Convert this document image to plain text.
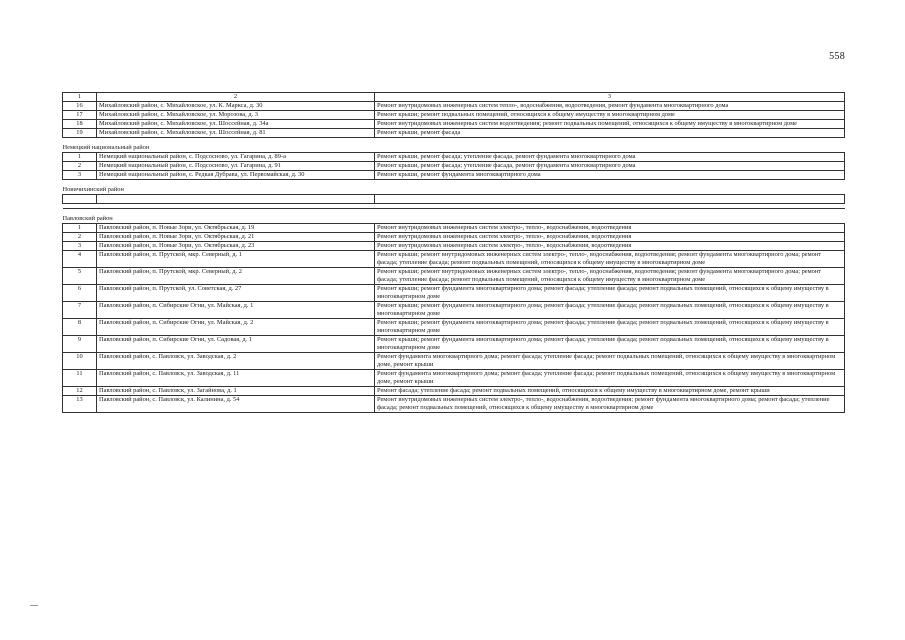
558
1	2	3
16	Михайловский район, с. Михайловское, ул. К. Маркса, д. 30	Ремонт внутридомовых инженерных систем тепло-, водоснабжения, водоотведения, ремонт фундамента многоквартирного дома
17	Михайловский район, с. Михайловское, ул. Морозова, д. 3	Ремонт крыши; ремонт подвальных помещений, относящихся к общему имуществу в многоквартирном доме
18	Михайловский район, с. Михайловское, ул. Шоссейная, д. 34а	Ремонт внутридомовых инженерных систем водоотведения; ремонт подвальных помещений, относящихся к общему имуществу в многоквартирном доме
19	Михайловский район, с. Михайловское, ул. Шоссейная, д. 81	Ремонт крыши, ремонт фасада
Немецкий национальный район		
1	Немецкий национальный район, с. Подсосново, ул. Гагарина, д. 89-а	Ремонт крыши, ремонт фасада; утепление фасада, ремонт фундамента многоквартирного дома
2	Немецкий национальный район, с. Подсосново, ул. Гагарина, д. 91	Ремонт крыши, ремонт фасада; утепление фасада, ремонт фундамента многоквартирного дома
3	Немецкий национальный район, с. Редкая Дубрава, ул. Первомайская, д. 30	Ремонт крыши, ремонт фундамента многоквартирного дома
Новичихинский район		

Павловский район		
1	Павловский район, п. Новые Зори, ул. Октябрьская, д. 19	Ремонт внутридомовых инженерных систем электро-, тепло-, водоснабжения, водоотведения
2	Павловский район, п. Новые Зори, ул. Октябрьская, д. 21	Ремонт внутридомовых инженерных систем электро-, тепло-, водоснабжения, водоотведения
3	Павловский район, п. Новые Зори, ул. Октябрьская, д. 23	Ремонт внутридомовых инженерных систем электро-, тепло-, водоснабжения, водоотведения
4	Павловский район, п. Прутской, мкр. Северный, д. 1	Ремонт крыши; ремонт внутридомовых инженерных систем электро-, тепло-, водоснабжения, водоотведения; ремонт фундамента многоквартирного дома; ремонт фасада; утепление фасада; ремонт подвальных помещений, относящихся к общему имуществу в многоквартирном доме
5	Павловский район, п. Прутской, мкр. Северный, д. 2	Ремонт крыши; ремонт внутридомовых инженерных систем электро-, тепло-, водоснабжения, водоотведения; ремонт фундамента многоквартирного дома; ремонт фасада; утепление фасада; ремонт подвальных помещений, относящихся к общему имуществу в многоквартирном доме
6	Павловский район, п. Прутской, ул. Советская, д. 27	Ремонт крыши; ремонт фундамента многоквартирного дома; ремонт фасада; утепление фасада; ремонт подвальных помещений, относящихся к общему имуществу в многоквартирном доме
7	Павловский район, п. Сибирские Огни, ул. Майская, д. 1	Ремонт крыши; ремонт фундамента многоквартирного дома; ремонт фасада; утепление фасада; ремонт подвальных помещений, относящихся к общему имуществу в многоквартирном доме
8	Павловский район, п. Сибирские Огни, ул. Майская, д. 2	Ремонт крыши; ремонт фундамента многоквартирного дома; ремонт фасада; утепление фасада; ремонт подвальных помещений, относящихся к общему имуществу в многоквартирном доме
9	Павловский район, п. Сибирские Огни, ул. Садовая, д. 1	Ремонт крыши; ремонт фундамента многоквартирного дома; ремонт фасада; утепление фасада; ремонт подвальных помещений, относящихся к общему имуществу в многоквартирном доме
10	Павловский район, с. Павловск, ул. Заводская, д. 2	Ремонт фундамента многоквартирного дома; ремонт фасада; утепление фасада; ремонт подвальных помещений, относящихся к общему имуществу в многоквартирном доме, ремонт крыши
11	Павловский район, с. Павловск, ул. Заводская, д. 11	Ремонт фундамента многоквартирного дома; ремонт фасада; утепление фасада; ремонт подвальных помещений, относящихся к общему имуществу в многоквартирном доме, ремонт крыши
12	Павловский район, с. Павловск, ул. Загайнова, д. 1	Ремонт фасада; утепление фасада; ремонт подвальных помещений, относящихся к общему имуществу в многоквартирном доме, ремонт крыши
13	Павловский район, с. Павловск, ул. Калинина, д. 54	Ремонт внутридомовых инженерных систем электро-, тепло-, водоснабжения, водоотведения; ремонт фундамента многоквартирного дома; ремонт фасада; утепление фасада; ремонт подвальных помещений, относящихся к общему имуществу в многоквартирном доме
